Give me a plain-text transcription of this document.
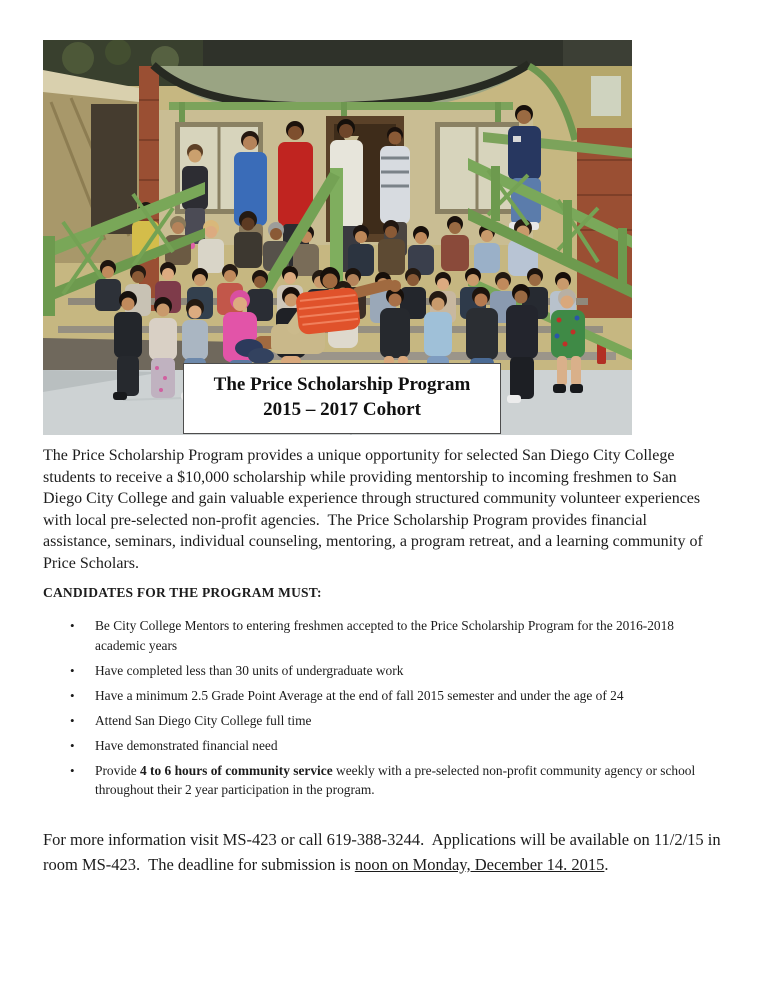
The Price Scholarship Program
2015 – 2017 Cohort

The Price Scholarship Program provides a unique opportunity for selected San Diego City College students to receive a $10,000 scholarship while providing mentorship to incoming freshmen to San Diego City College and gain valuable experience through structured community volunteer experiences with local pre-selected non-profit agencies.  The Price Scholarship Program provides financial assistance, seminars, individual counseling, mentoring, a program retreat, and a learning community of Price Scholars.

CANDIDATES FOR THE PROGRAM MUST:
•	Be City College Mentors to entering freshmen accepted to the Price Scholarship Program for the 2016-2018 academic years
•	Have completed less than 30 units of undergraduate work
•	Have a minimum 2.5 Grade Point Average at the end of fall 2015 semester and under the age of 24
•	Attend San Diego City College full time
•	Have demonstrated financial need
•	Provide 4 to 6 hours of community service weekly with a pre-selected non-profit community agency or school throughout their 2 year participation in the program.

For more information visit MS-423 or call 619-388-3244.  Applications will be available on 11/2/15 in room MS-423.  The deadline for submission is noon on Monday, December 14. 2015.
